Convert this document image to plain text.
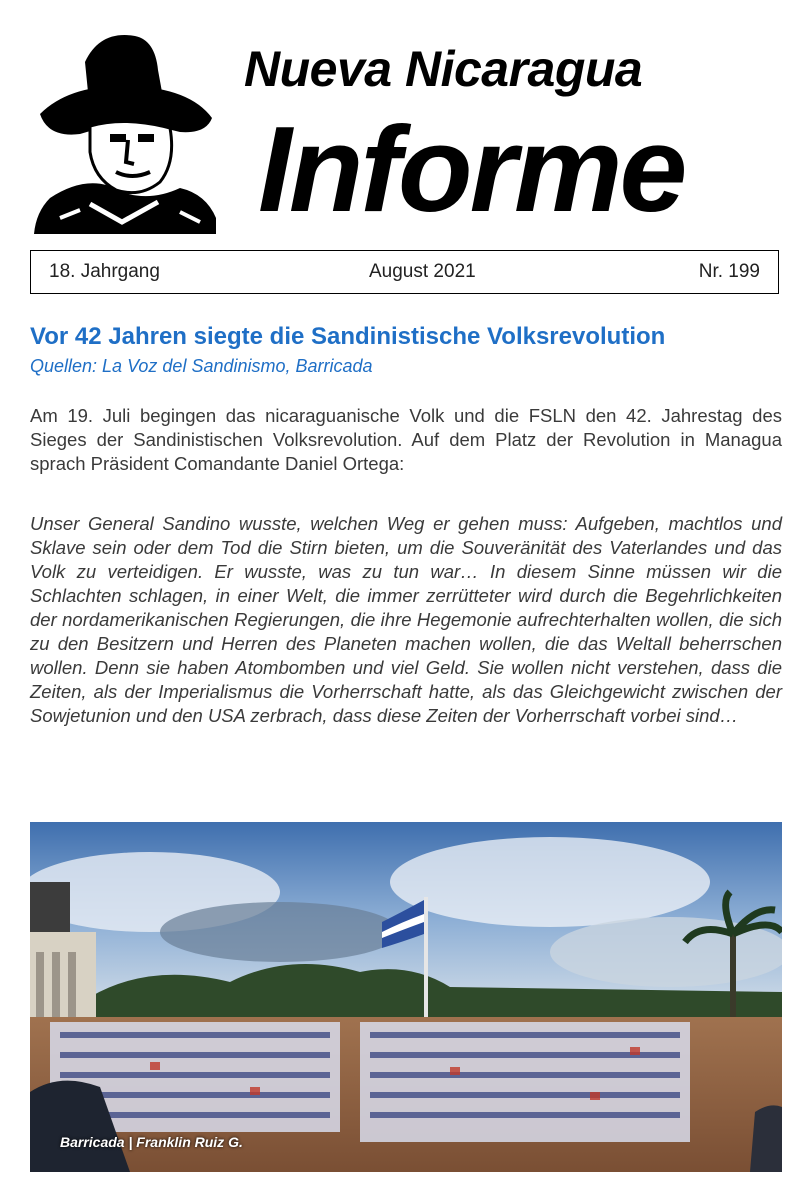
Nueva Nicaragua
Informe
18. Jahrgang	August 2021	Nr. 199
Vor 42 Jahren siegte die Sandinistische Volksrevolution
Quellen: La Voz del Sandinismo, Barricada

Am 19. Juli begingen das nicaraguanische Volk und die FSLN den 42. Jahrestag des Sieges der Sandinistischen Volksrevolution. Auf dem Platz der Revolution in Managua sprach Präsident Comandante Daniel Ortega:

Unser General Sandino wusste, welchen Weg er gehen muss: Aufgeben, machtlos und Sklave sein oder dem Tod die Stirn bieten, um die Souveränität des Vaterlandes und das Volk zu verteidigen. Er wusste, was zu tun war… In diesem Sinne müssen wir die Schlachten schlagen, in einer Welt, die immer zerrütteter wird durch die Begehrlichkeiten der nordamerikanischen Regierungen, die ihre Hegemonie aufrechterhalten wollen, die sich zu den Besitzern und Herren des Planeten machen wollen, die das Weltall beherrschen wollen. Denn sie haben Atombomben und viel Geld. Sie wollen nicht verstehen, dass die Zeiten, als der Imperialismus die Vorherrschaft hatte, als das Gleichgewicht zwischen der Sowjetunion und den USA zerbrach, dass diese Zeiten der Vorherrschaft vorbei sind…

Barricada | Franklin Ruiz G.
